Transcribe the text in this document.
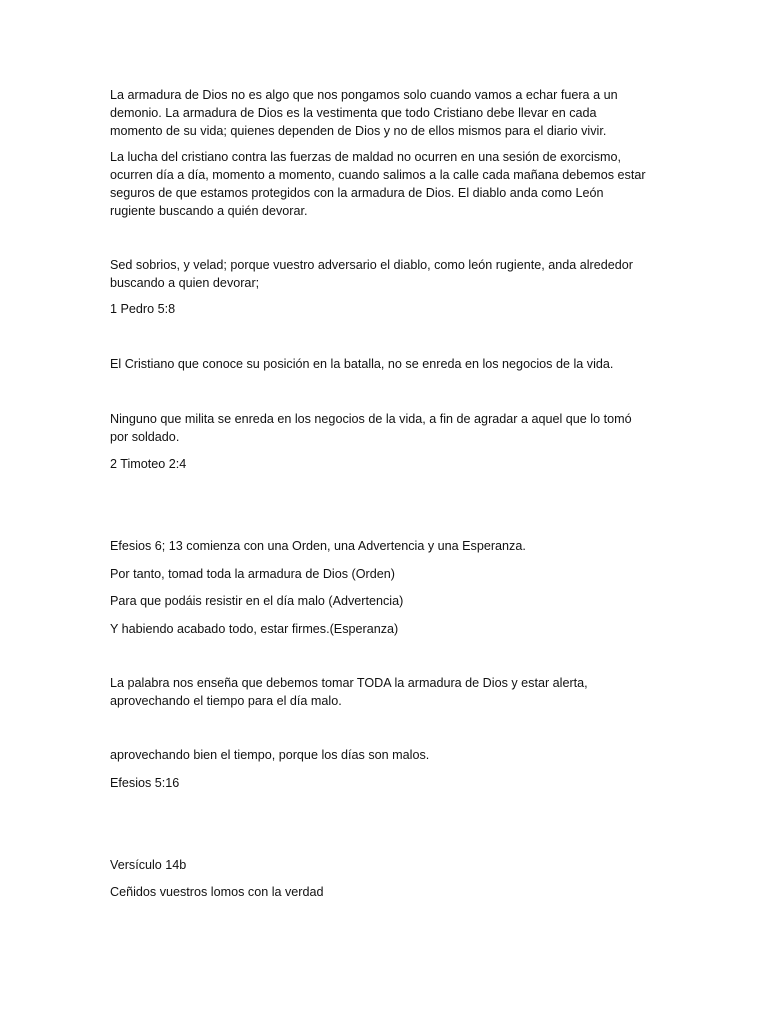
La armadura de Dios no es algo que nos pongamos solo cuando vamos a echar fuera a un
demonio. La armadura de Dios es la vestimenta que todo Cristiano debe llevar en cada
momento de su vida; quienes dependen de Dios y no de ellos mismos para el diario vivir.

La lucha del cristiano contra las fuerzas de maldad no ocurren en una sesión de exorcismo,
ocurren día a día, momento a momento, cuando salimos a la calle cada mañana debemos estar
seguros de que estamos protegidos con la armadura de Dios. El diablo anda como León
rugiente buscando a quién devorar.

Sed sobrios, y velad; porque vuestro adversario el diablo, como león rugiente, anda alrededor
buscando a quien devorar;

1 Pedro 5:8

El Cristiano que conoce su posición en la batalla, no se enreda en los negocios de la vida.

Ninguno que milita se enreda en los negocios de la vida, a fin de agradar a aquel que lo tomó
por soldado.

2 Timoteo 2:4

Efesios 6; 13 comienza con una Orden, una Advertencia y una Esperanza.

Por tanto, tomad toda la armadura de Dios (Orden)

Para que podáis resistir en el día malo (Advertencia)

Y habiendo acabado todo, estar firmes.(Esperanza)

La palabra nos enseña que debemos tomar TODA la armadura de Dios y estar alerta,
aprovechando el tiempo para el día malo.

aprovechando bien el tiempo, porque los días son malos.

Efesios 5:16

Versículo 14b

Ceñidos vuestros lomos con la verdad
